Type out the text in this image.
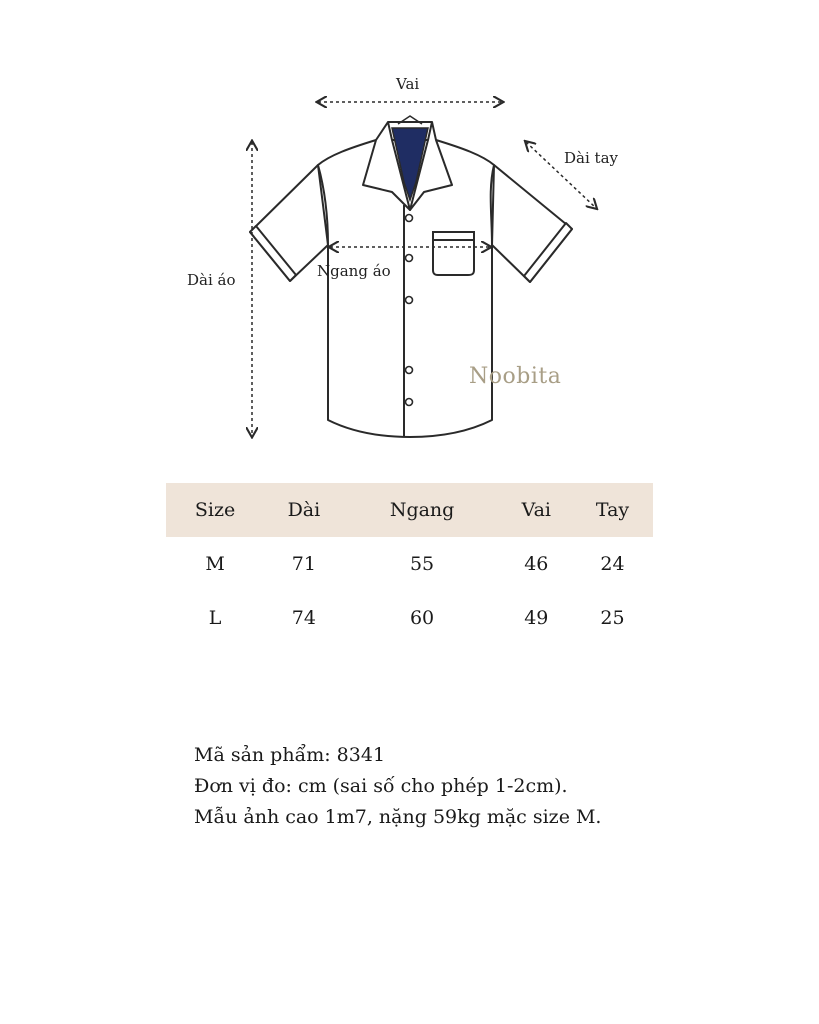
Vai
Dài tay
Dài áo	Ngang áo
Noobita
Size	Dài	Ngang	Vai	Tay
M	71	55	46	24
L	74	60	49	25
Mã sản phẩm: 8341
Đơn vị đo: cm (sai số cho phép 1-2cm).
Mẫu ảnh cao 1m7, nặng 59kg mặc size M.
